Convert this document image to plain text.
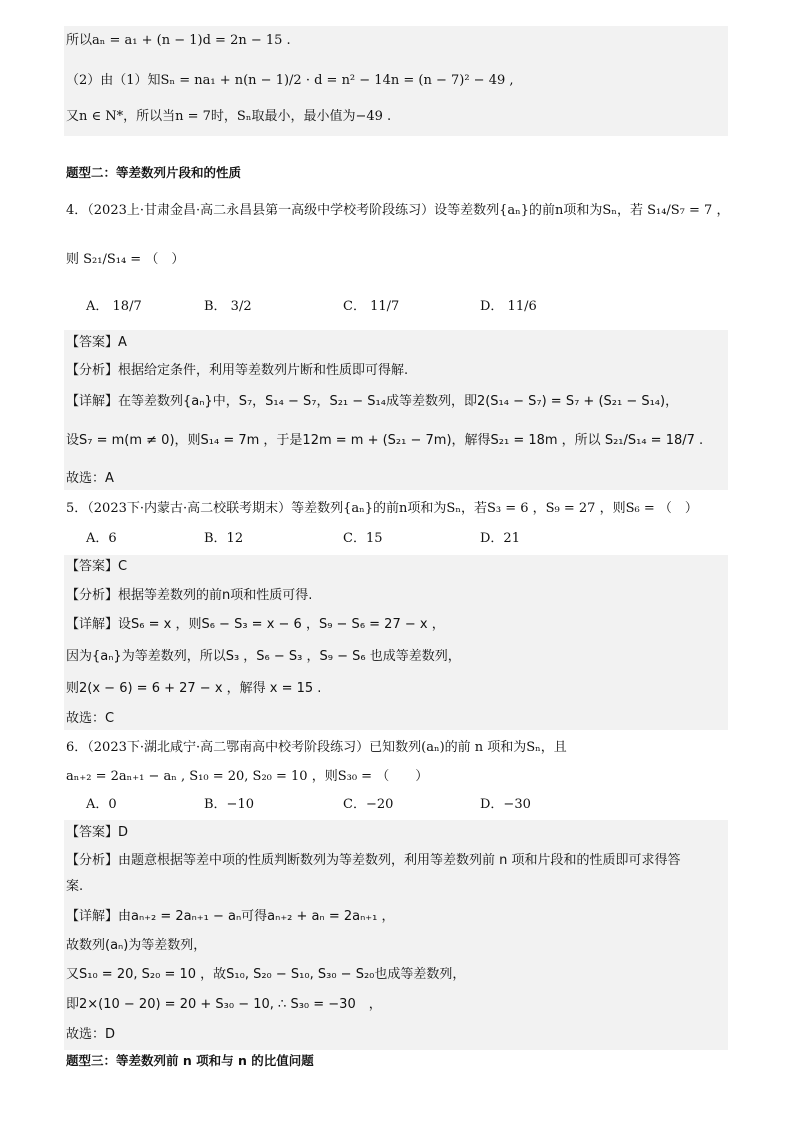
所以aₙ = a₁ + (n − 1)d = 2n − 15 .
（2）由（1）知Sₙ = na₁ + n(n − 1)/2 · d = n² − 14n = (n − 7)² − 49 ,
又n ∈ N*，所以当n = 7时，Sₙ取最小，最小值为−49 .
题型二：等差数列片段和的性质
4．（2023上·甘肃金昌·高二永昌县第一高级中学校考阶段练习）设等差数列{aₙ}的前n项和为Sₙ，若 S₁₄/S₇ = 7 ，
则 S₂₁/S₁₄ = （　）
A． 18/7	B． 3/2	C． 11/7	D． 11/6
【答案】A
【分析】根据给定条件，利用等差数列片断和性质即可得解.
【详解】在等差数列{aₙ}中，S₇，S₁₄ − S₇，S₂₁ − S₁₄成等差数列，即2(S₁₄ − S₇) = S₇ + (S₂₁ − S₁₄)，
设S₇ = m(m ≠ 0)，则S₁₄ = 7m ，于是12m = m + (S₂₁ − 7m)，解得S₂₁ = 18m ，所以 S₂₁/S₁₄ = 18/7 .
故选：A
5．（2023下·内蒙古·高二校联考期末）等差数列{aₙ}的前n项和为Sₙ，若S₃ = 6 ，S₉ = 27 ，则S₆ = （　）
A．6	B．12	C．15	D．21
【答案】C
【分析】根据等差数列的前n项和性质可得.
【详解】设S₆ = x ，则S₆ − S₃ = x − 6 ，S₉ − S₆ = 27 − x ，
因为{aₙ}为等差数列，所以S₃ ，S₆ − S₃ ，S₉ − S₆ 也成等差数列，
则2(x − 6) = 6 + 27 − x ，解得 x = 15 .
故选：C
6．（2023下·湖北咸宁·高二鄂南高中校考阶段练习）已知数列(aₙ)的前 n 项和为Sₙ，且
aₙ₊₂ = 2aₙ₊₁ − aₙ , S₁₀ = 20, S₂₀ = 10 ，则S₃₀ = （　　）
A．0	B．−10	C．−20	D．−30
【答案】D
【分析】由题意根据等差中项的性质判断数列为等差数列，利用等差数列前 n 项和片段和的性质即可求得答
案.
【详解】由aₙ₊₂ = 2aₙ₊₁ − aₙ可得aₙ₊₂ + aₙ = 2aₙ₊₁ ，
故数列(aₙ)为等差数列，
又S₁₀ = 20, S₂₀ = 10 ，故S₁₀, S₂₀ − S₁₀, S₃₀ − S₂₀也成等差数列，
即2×(10 − 20) = 20 + S₃₀ − 10, ∴ S₃₀ = −30　，
故选：D
题型三：等差数列前 n 项和与 n 的比值问题
